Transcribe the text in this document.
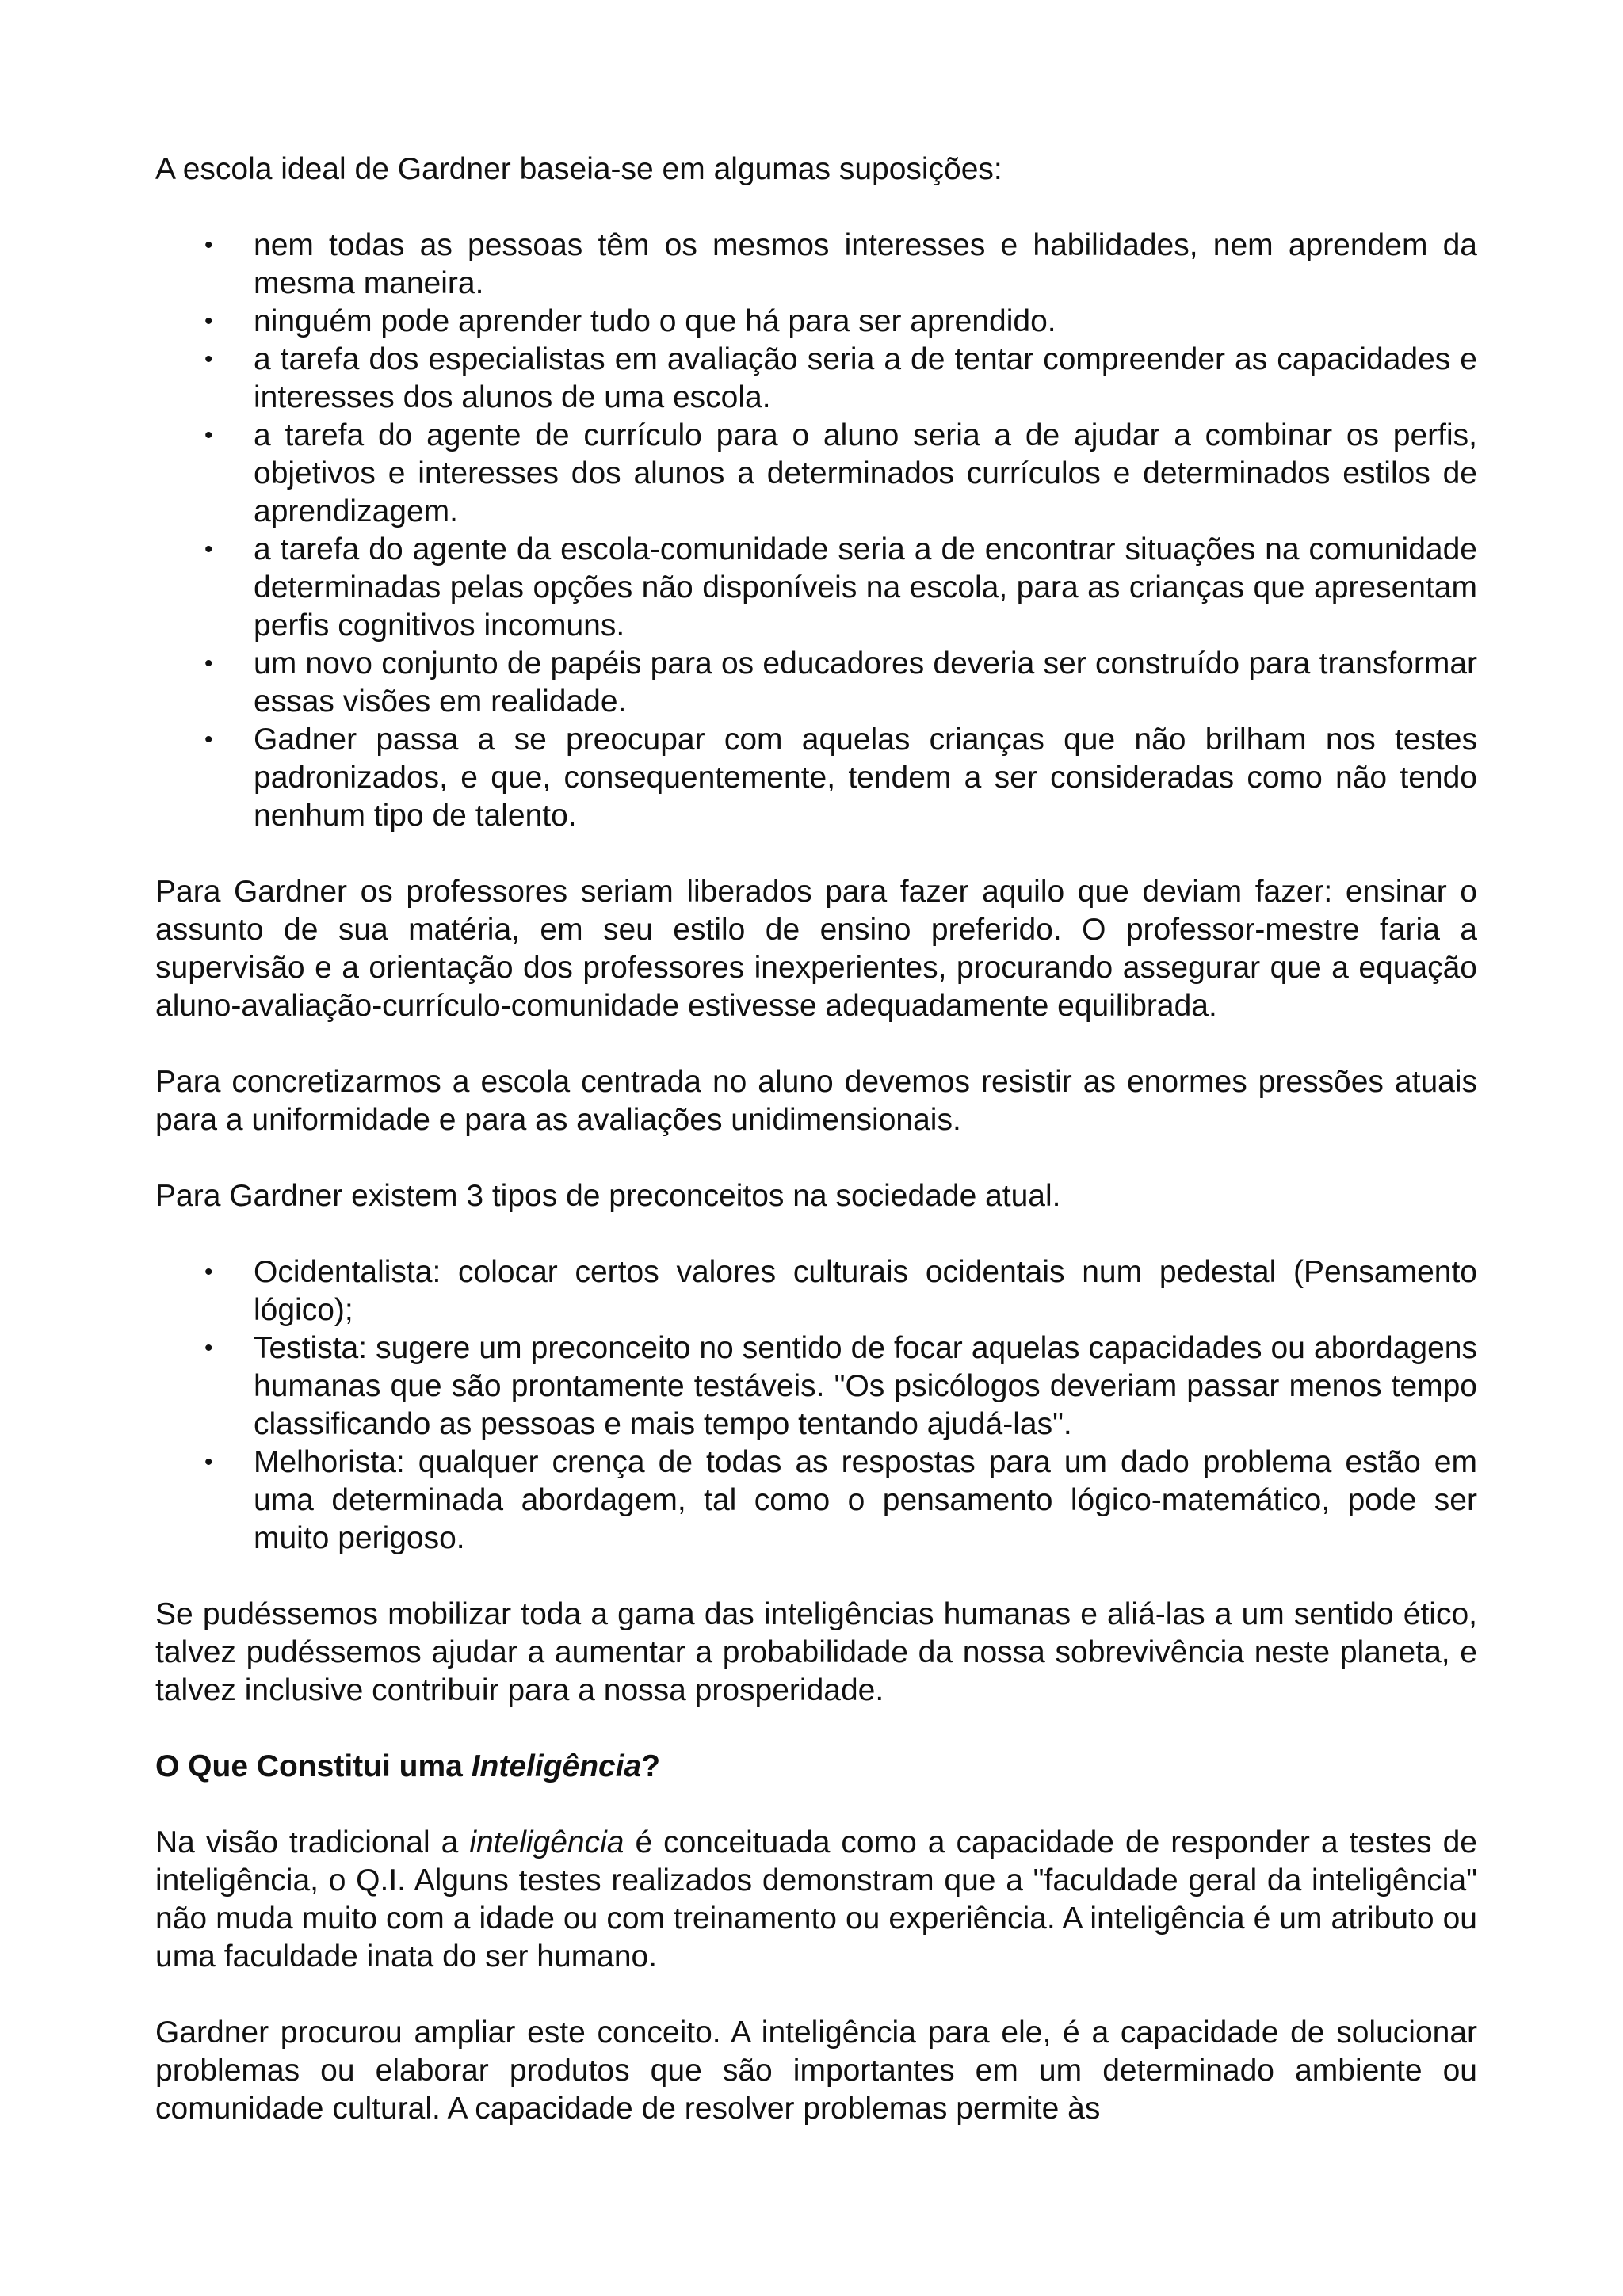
A escola ideal de Gardner baseia-se em algumas suposições:

• nem todas as pessoas têm os mesmos interesses e habilidades, nem aprendem da mesma maneira.
• ninguém pode aprender tudo o que há para ser aprendido.
• a tarefa dos especialistas em avaliação seria a de tentar compreender as capacidades e interesses dos alunos de uma escola.
• a tarefa do agente de currículo para o aluno seria a de ajudar a combinar os perfis, objetivos e interesses dos alunos a determinados currículos e determinados estilos de aprendizagem.
• a tarefa do agente da escola-comunidade seria a de encontrar situações na comunidade determinadas pelas opções não disponíveis na escola, para as crianças que apresentam perfis cognitivos incomuns.
• um novo conjunto de papéis para os educadores deveria ser construído para transformar essas visões em realidade.
• Gadner passa a se preocupar com aquelas crianças que não brilham nos testes padronizados, e que, consequentemente, tendem a ser consideradas como não tendo nenhum tipo de talento.

Para Gardner os professores seriam liberados para fazer aquilo que deviam fazer: ensinar o assunto de sua matéria, em seu estilo de ensino preferido. O professor-mestre faria a supervisão e a orientação dos professores inexperientes, procurando assegurar que a equação aluno-avaliação-currículo-comunidade estivesse adequadamente equilibrada.

Para concretizarmos a escola centrada no aluno devemos resistir as enormes pressões atuais para a uniformidade e para as avaliações unidimensionais.

Para Gardner existem 3 tipos de preconceitos na sociedade atual.

• Ocidentalista: colocar certos valores culturais ocidentais num pedestal (Pensamento lógico);
• Testista: sugere um preconceito no sentido de focar aquelas capacidades ou abordagens humanas que são prontamente testáveis. "Os psicólogos deveriam passar menos tempo classificando as pessoas e mais tempo tentando ajudá-las".
• Melhorista: qualquer crença de todas as respostas para um dado problema estão em uma determinada abordagem, tal como o pensamento lógico-matemático, pode ser muito perigoso.

Se pudéssemos mobilizar toda a gama das inteligências humanas e aliá-las a um sentido ético, talvez pudéssemos ajudar a aumentar a probabilidade da nossa sobrevivência neste planeta, e talvez inclusive contribuir para a nossa prosperidade.

O Que Constitui uma Inteligência?

Na visão tradicional a inteligência é conceituada como a capacidade de responder a testes de inteligência, o Q.I. Alguns testes realizados demonstram que a "faculdade geral da inteligência" não muda muito com a idade ou com treinamento ou experiência. A inteligência é um atributo ou uma faculdade inata do ser humano.

Gardner procurou ampliar este conceito. A inteligência para ele, é a capacidade de solucionar problemas ou elaborar produtos que são importantes em um determinado ambiente ou comunidade cultural. A capacidade de resolver problemas permite às
